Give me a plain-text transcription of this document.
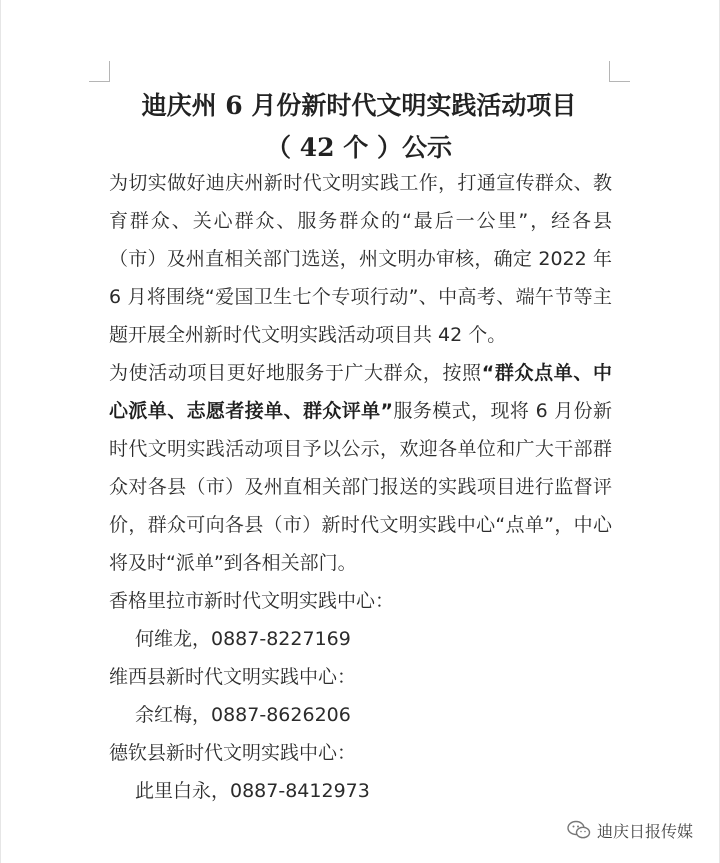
迪庆州 6 月份新时代文明实践活动项目
（ 42 个 ）公示

为切实做好迪庆州新时代文明实践工作，打通宣传群众、教育群众、关心群众、服务群众的“最后一公里”，经各县（市）及州直相关部门选送，州文明办审核，确定 2022 年 6 月将围绕“爱国卫生七个专项行动”、中高考、端午节等主题开展全州新时代文明实践活动项目共 42 个。

为使活动项目更好地服务于广大群众，按照“群众点单、中心派单、志愿者接单、群众评单”服务模式，现将 6 月份新时代文明实践活动项目予以公示，欢迎各单位和广大干部群众对各县（市）及州直相关部门报送的实践项目进行监督评价，群众可向各县（市）新时代文明实践中心“点单”，中心将及时“派单”到各相关部门。

香格里拉市新时代文明实践中心：

何维龙，0887-8227169

维西县新时代文明实践中心：

余红梅，0887-8626206

德钦县新时代文明实践中心：

此里白永，0887-8412973

迪庆日报传媒
